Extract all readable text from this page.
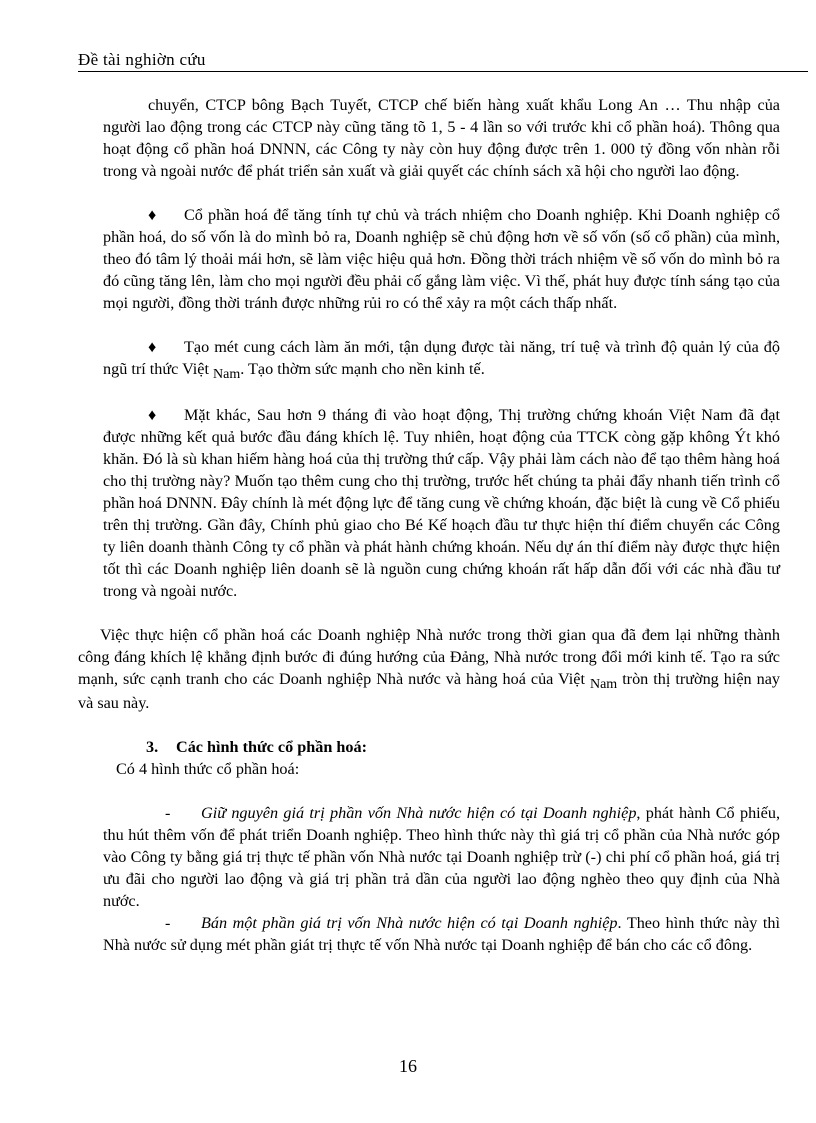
Đề tài nghiờn cứu

chuyển, CTCP bông Bạch Tuyết, CTCP chế biến hàng xuất khẩu Long An … Thu nhập của người lao động trong các CTCP này cũng tăng tõ 1, 5 - 4 lần so với trước khi cổ phần hoá). Thông qua hoạt động cổ phần hoá DNNN, các Công ty này còn huy động được trên 1. 000 tỷ đồng vốn nhàn rỗi trong và ngoài nước để phát triển sản xuất và giải quyết các chính sách xã hội cho người lao động.

♦ Cổ phần hoá để tăng tính tự chủ và trách nhiệm cho Doanh nghiệp. Khi Doanh nghiệp cổ phần hoá, do số vốn là do mình bỏ ra, Doanh nghiệp sẽ chủ động hơn về số vốn (số cổ phần) của mình, theo đó tâm lý thoải mái hơn, sẽ làm việc hiệu quả hơn. Đồng thời trách nhiệm về số vốn do mình bỏ ra đó cũng tăng lên, làm cho mọi người đều phải cố gắng làm việc. Vì thế, phát huy được tính sáng tạo của mọi người, đồng thời tránh được những rủi ro có thể xảy ra một cách thấp nhất.

♦ Tạo mét cung cách làm ăn mới, tận dụng được tài năng, trí tuệ và trình độ quản lý của độ ngũ trí thức Việt Nam. Tạo thờm sức mạnh cho nền kinh tế.

♦ Mặt khác, Sau hơn 9 tháng đi vào hoạt động, Thị trường chứng khoán Việt Nam đã đạt được những kết quả bước đầu đáng khích lệ. Tuy nhiên, hoạt động của TTCK còng gặp không Ýt khó khăn. Đó là sù khan hiếm hàng hoá của thị trường thứ cấp. Vậy phải làm cách nào để tạo thêm hàng hoá cho thị trường này? Muốn tạo thêm cung cho thị trường, trước hết chúng ta phải đẩy nhanh tiến trình cổ phần hoá DNNN. Đây chính là mét động lực để tăng cung về chứng khoán, đặc biệt là cung về Cổ phiếu trên thị trường. Gần đây, Chính phủ giao cho Bé Kế hoạch đầu tư thực hiện thí điểm chuyển các Công ty liên doanh thành Công ty cổ phần và phát hành chứng khoán. Nếu dự án thí điểm này được thực hiện tốt thì các Doanh nghiệp liên doanh sẽ là nguồn cung chứng khoán rất hấp dẫn đối với các nhà đầu tư trong và ngoài nước.

Việc thực hiện cổ phần hoá các Doanh nghiệp Nhà nước trong thời gian qua đã đem lại những thành công đáng khích lệ khẳng định bước đi đúng hướng của Đảng, Nhà nước trong đổi mới kinh tế. Tạo ra sức mạnh, sức cạnh tranh cho các Doanh nghiệp Nhà nước và hàng hoá của Việt Nam tròn thị trường hiện nay và sau này.

3. Các hình thức cổ phần hoá:

Có 4 hình thức cổ phần hoá:

- Giữ nguyên giá trị phần vốn Nhà nước hiện có tại Doanh nghiệp, phát hành Cổ phiếu, thu hút thêm vốn để phát triển Doanh nghiệp. Theo hình thức này thì giá trị cổ phần của Nhà nước góp vào Công ty bằng giá trị thực tế phần vốn Nhà nước tại Doanh nghiệp trừ (-) chi phí cổ phần hoá, giá trị ưu đãi cho người lao động và giá trị phần trả dần của người lao động nghèo theo quy định của Nhà nước.

- Bán một phần giá trị vốn Nhà nước hiện có tại Doanh nghiệp. Theo hình thức này thì Nhà nước sử dụng mét phần giát trị thực tế vốn Nhà nước tại Doanh nghiệp để bán cho các cổ đông.

16
